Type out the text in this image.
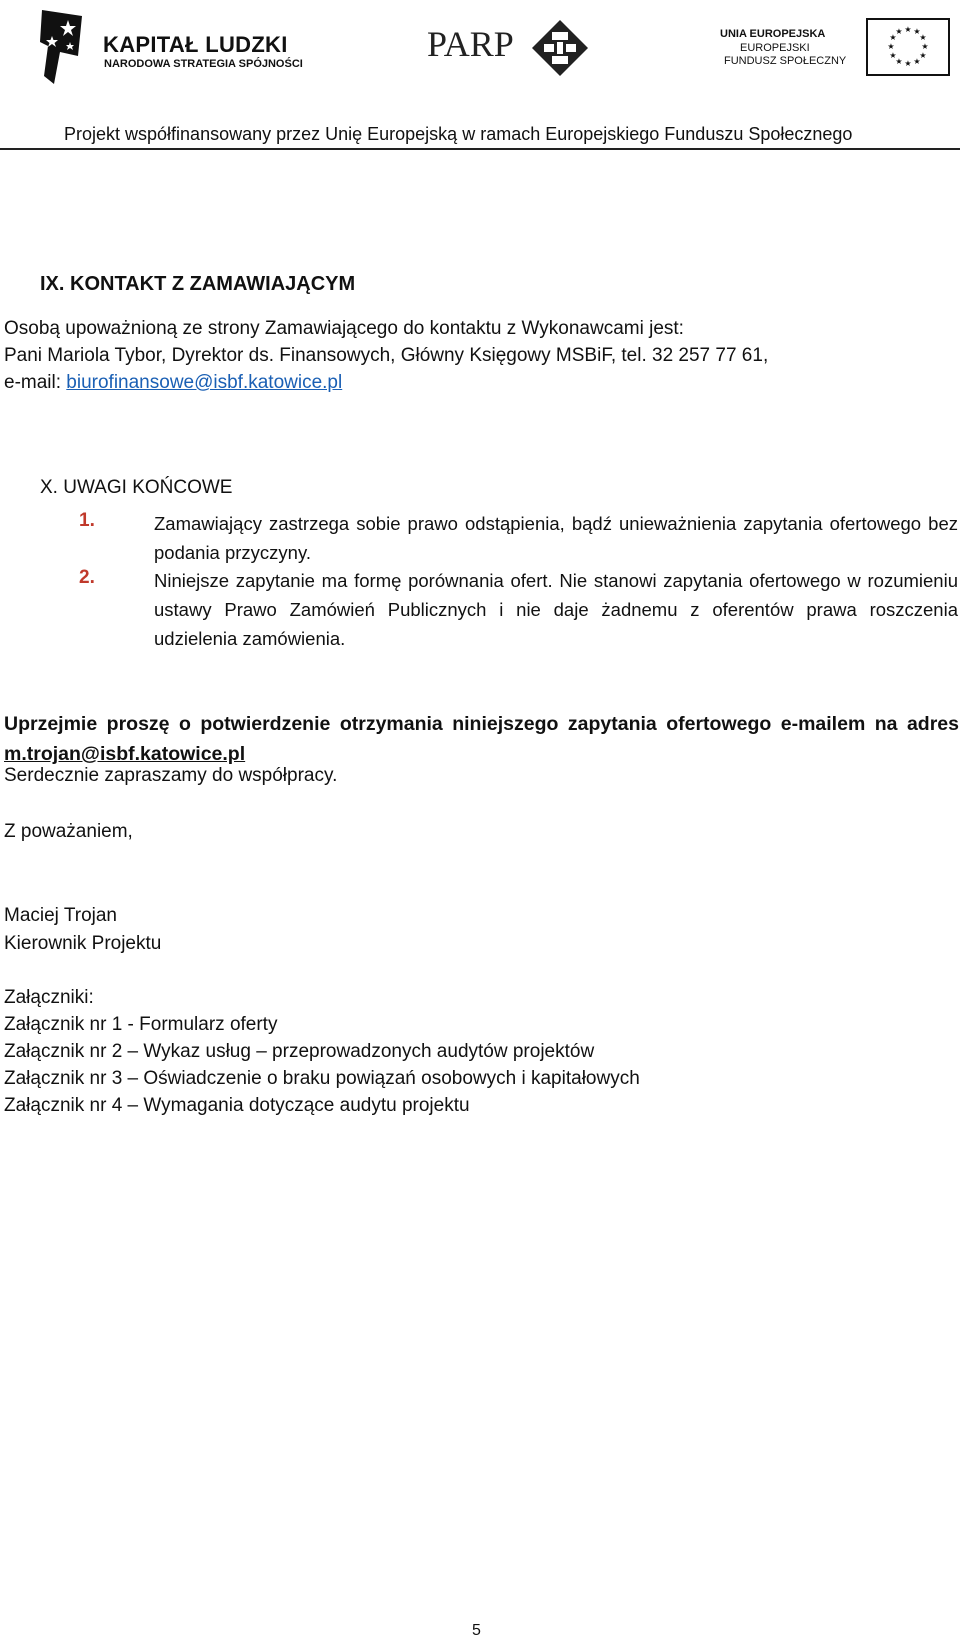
KAPITAŁ LUDZKI
NARODOWA STRATEGIA SPÓJNOŚCI	PARP	UNIA EUROPEJSKA
EUROPEJSKI
FUNDUSZ SPOŁECZNY
★ ★
★
★
★
★
★
★
★
★
★
★
Projekt współfinansowany przez Unię Europejską w ramach Europejskiego Funduszu Społecznego
IX. KONTAKT Z ZAMAWIAJĄCYM
Osobą upoważnioną ze strony Zamawiającego do kontaktu z Wykonawcami jest:
Pani Mariola Tybor, Dyrektor ds. Finansowych, Główny Księgowy MSBiF, tel. 32 257 77 61,
e-mail: biurofinansowe@isbf.katowice.pl
X. UWAGI KOŃCOWE
1.	Zamawiający zastrzega sobie prawo odstąpienia, bądź unieważnienia zapytania ofertowego bez podania przyczyny.

2.	Niniejsze zapytanie ma formę porównania ofert. Nie stanowi zapytania ofertowego w rozumieniu ustawy Prawo Zamówień Publicznych i nie daje żadnemu z oferentów prawa roszczenia udzielenia zamówienia.

Uprzejmie proszę o potwierdzenie otrzymania niniejszego zapytania ofertowego e-mailem na adres m.trojan@isbf.katowice.pl
Serdecznie zapraszamy do współpracy.
Z poważaniem,
Maciej Trojan
Kierownik Projektu
Załączniki:
Załącznik nr 1 - Formularz oferty
Załącznik nr 2 – Wykaz usług – przeprowadzonych audytów projektów
Załącznik nr 3 – Oświadczenie o braku powiązań osobowych i kapitałowych
Załącznik nr 4 – Wymagania dotyczące audytu projektu
5
